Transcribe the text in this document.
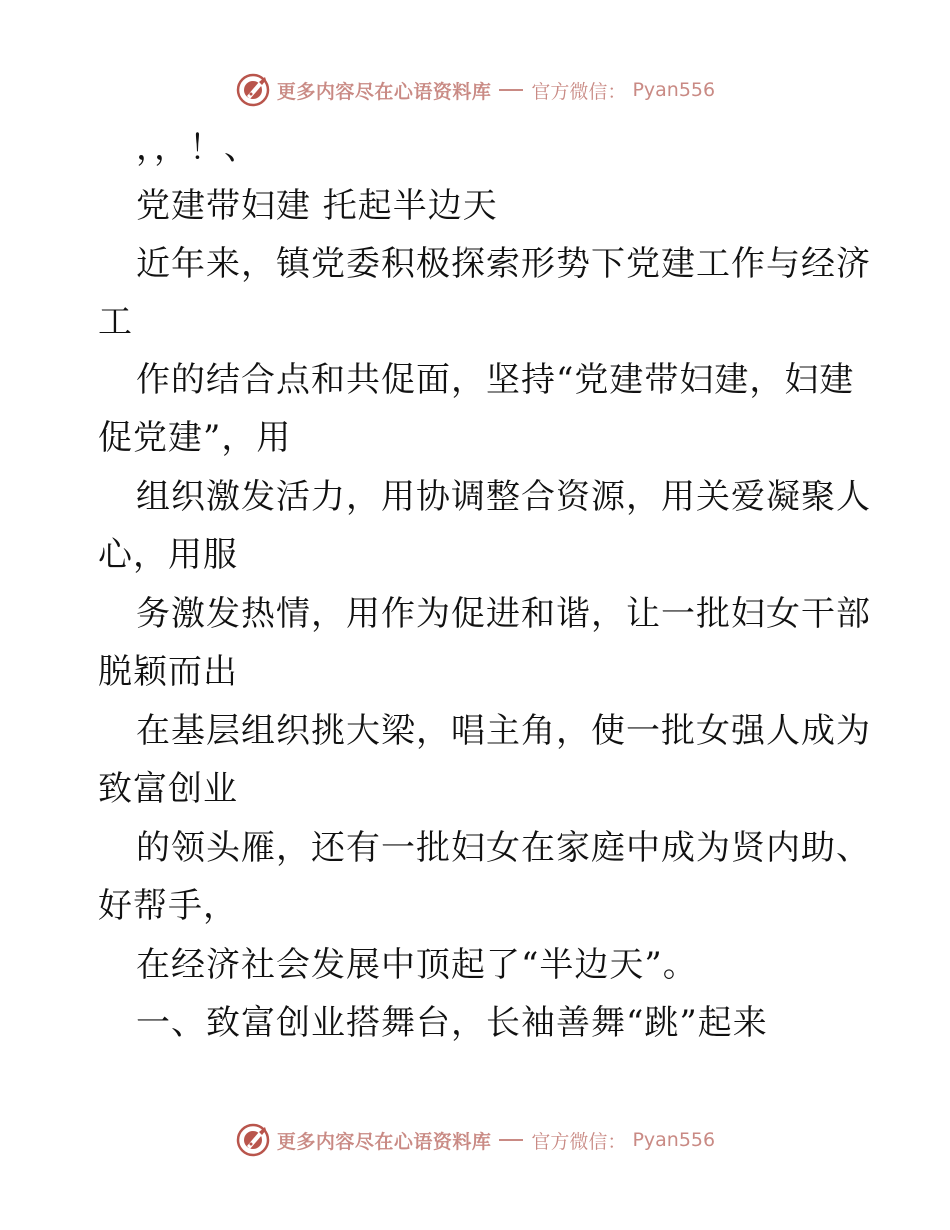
更多内容尽在心语资料库 官方微信： Pyan556
，，！、
党建带妇建 托起半边天
近年来，镇党委积极探索形势下党建工作与经济
工
作的结合点和共促面，坚持“党建带妇建，妇建
促党建”，用
组织激发活力，用协调整合资源，用关爱凝聚人
心，用服
务激发热情，用作为促进和谐，让一批妇女干部
脱颖而出
在基层组织挑大梁，唱主角，使一批女强人成为
致富创业
的领头雁，还有一批妇女在家庭中成为贤内助、
好帮手，
在经济社会发展中顶起了“半边天”。
一、致富创业搭舞台，长袖善舞“跳”起来
更多内容尽在心语资料库 官方微信： Pyan556
